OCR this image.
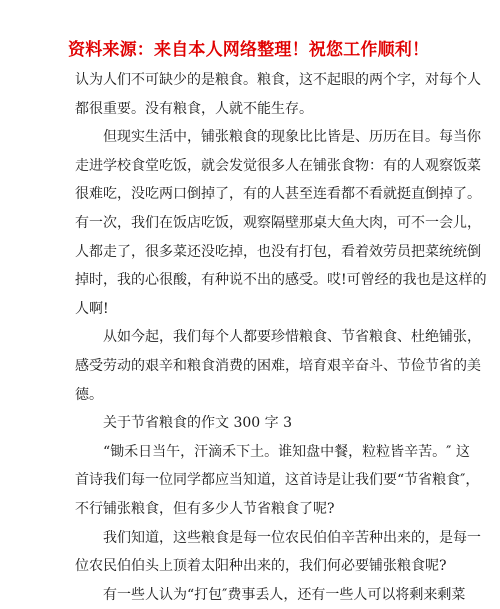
资料来源：来自本人网络整理！祝您工作顺利！
认为人们不可缺少的是粮食。粮食，这不起眼的两个字，对每个人
都很重要。没有粮食，人就不能生存。
但现实生活中，铺张粮食的现象比比皆是、历历在目。每当你
走进学校食堂吃饭，就会发觉很多人在铺张食物：有的人观察饭菜
很难吃，没吃两口倒掉了，有的人甚至连看都不看就挺直倒掉了。
有一次，我们在饭店吃饭，观察隔壁那桌大鱼大肉，可不一会儿，
人都走了，很多菜还没吃掉，也没有打包，看着效劳员把菜统统倒
掉时，我的心很酸，有种说不出的感受。哎!可曾经的我也是这样的
人啊!
从如今起，我们每个人都要珍惜粮食、节省粮食、杜绝铺张，
感受劳动的艰辛和粮食消费的困难，培育艰辛奋斗、节俭节省的美
德。
关于节省粮食的作文 300 字 3
“锄禾日当午，汗滴禾下土。谁知盘中餐，粒粒皆辛苦。″ 这
首诗我们每一位同学都应当知道，这首诗是让我们要“节省粮食″，
不行铺张粮食，但有多少人节省粮食了呢?
我们知道，这些粮食是每一位农民伯伯辛苦种出来的，是每一
位农民伯伯头上顶着太阳种出来的，我们何必要铺张粮食呢?
有一些人认为“打包″费事丢人，还有一些人可以将剩来剩菜
